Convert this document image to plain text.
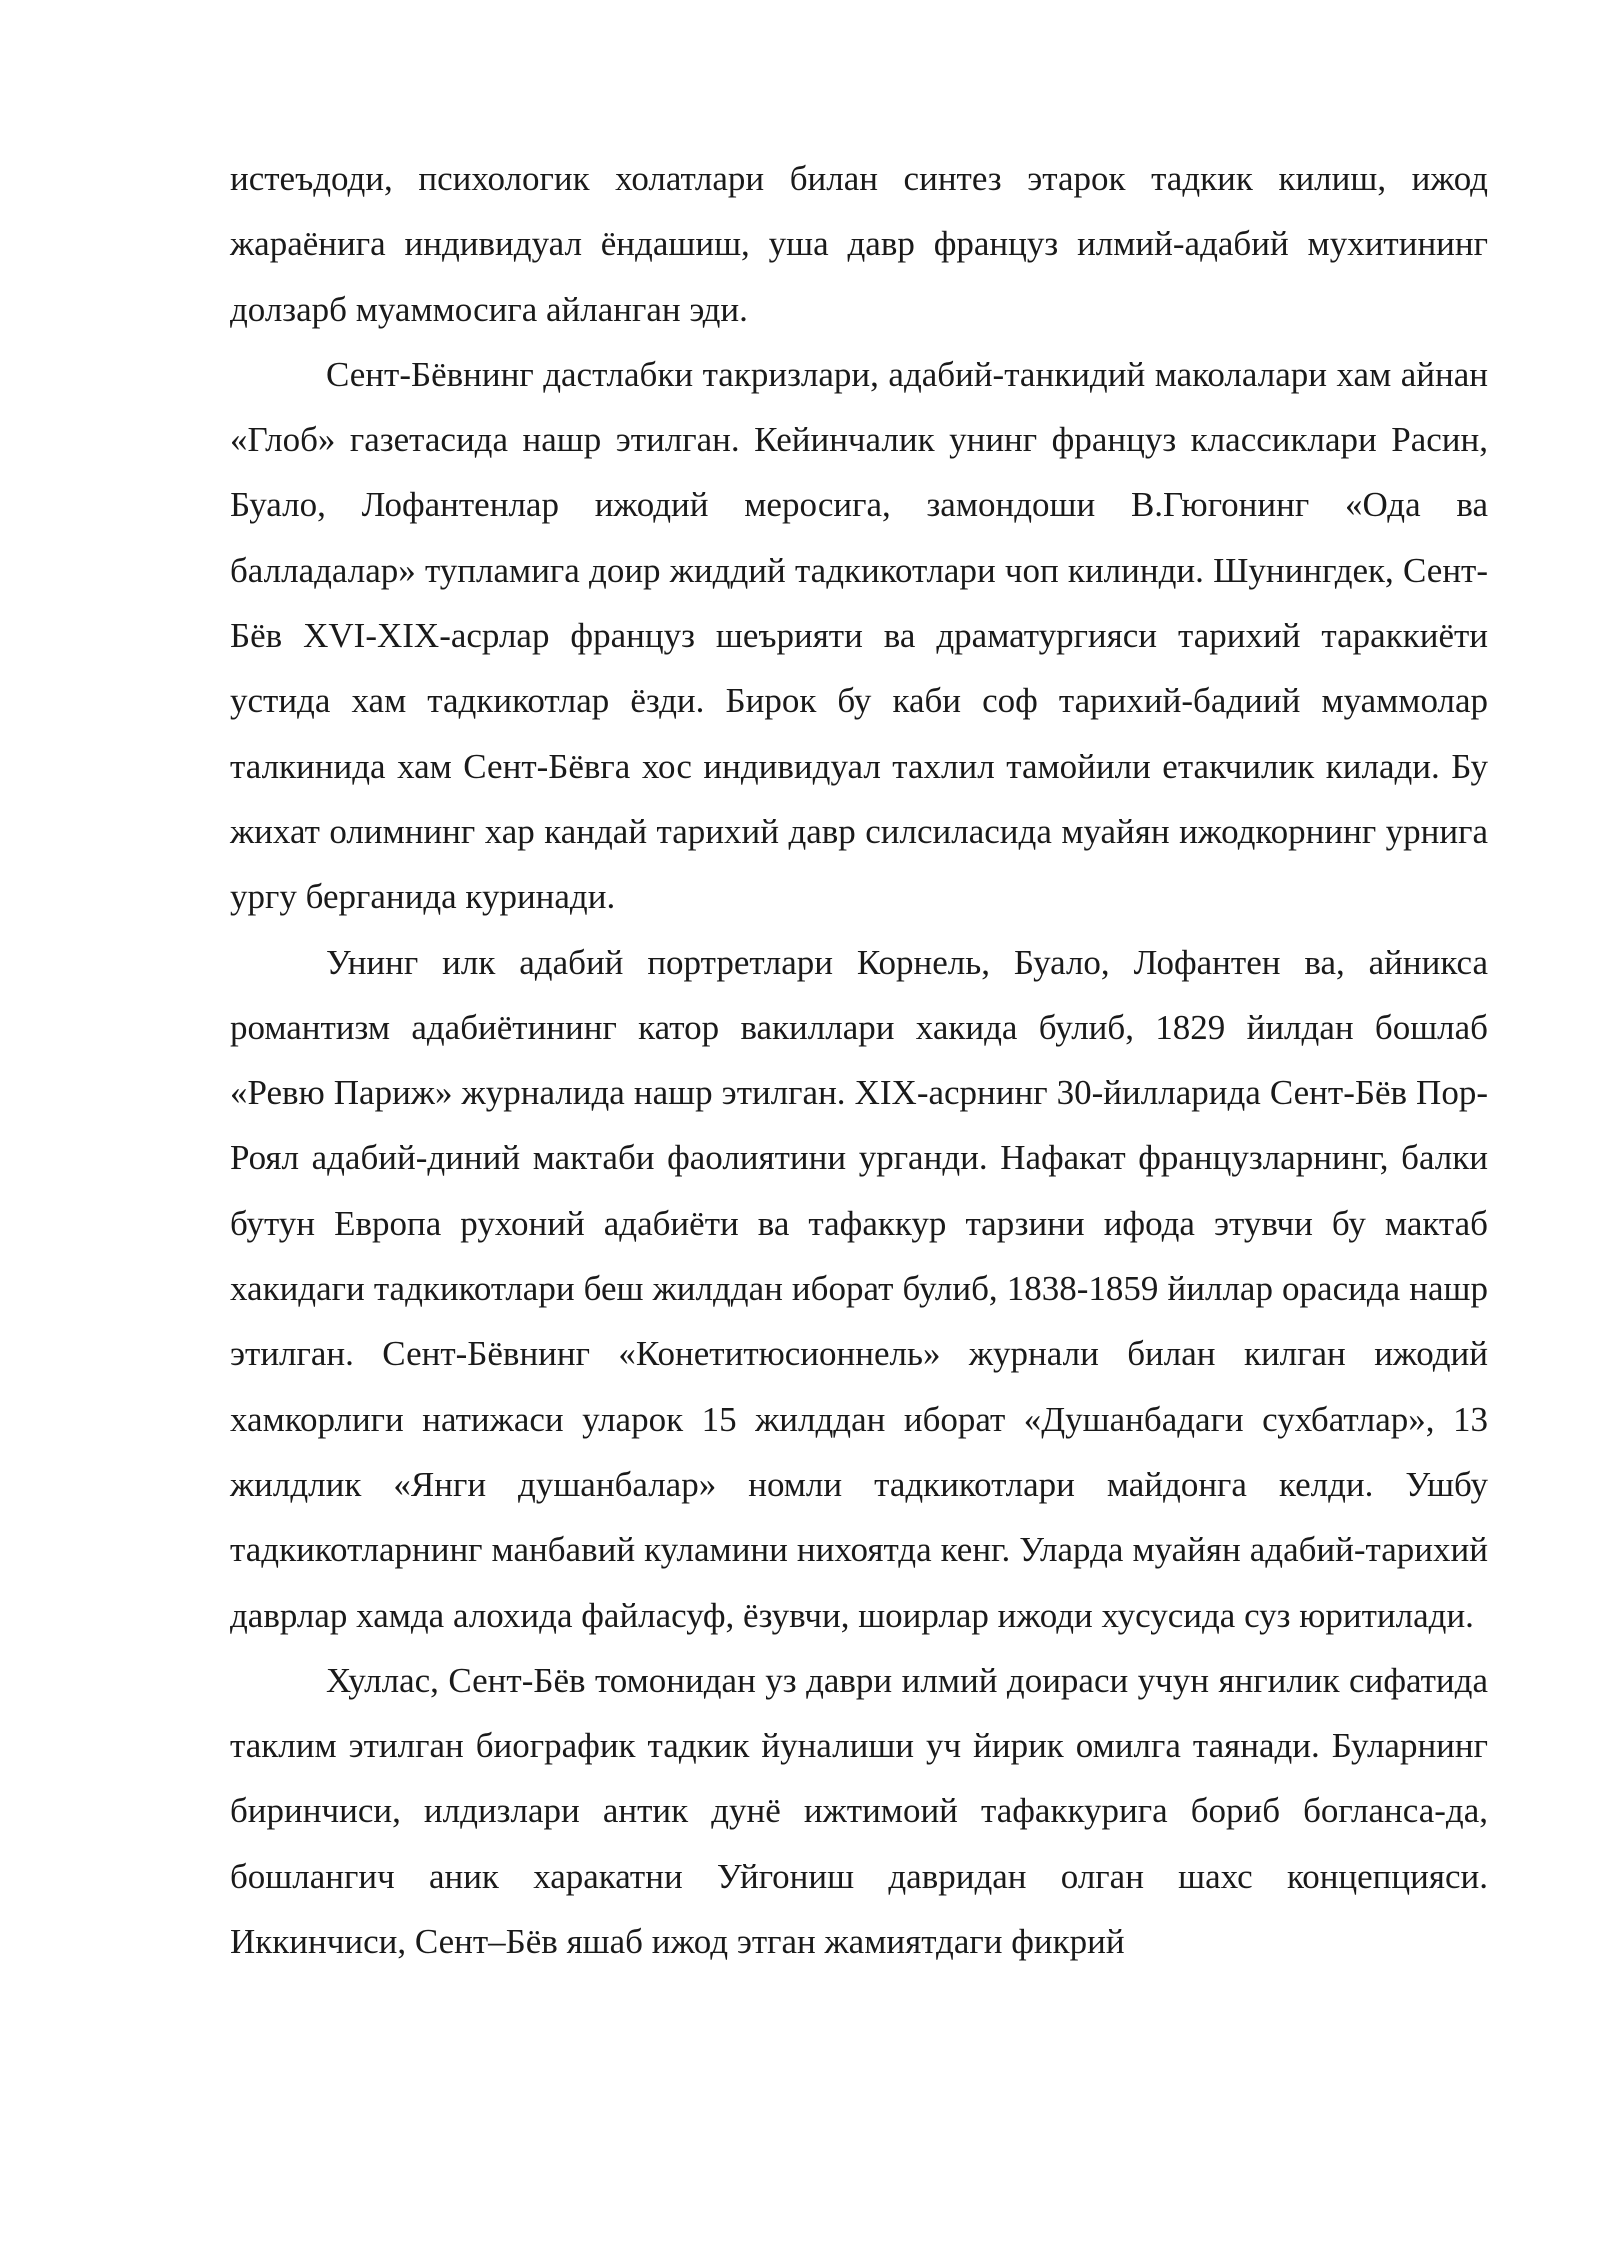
истеъдоди, психологик холатлари билан синтез этарок тадкик килиш, ижод жараёнига индивидуал ёндашиш, уша давр француз илмий-адабий мухитининг долзарб муаммосига айланган эди.

Сент-Бёвнинг дастлабки такризлари, адабий-танкидий маколалари хам айнан «Глоб» газетасида нашр этилган. Кейинчалик унинг француз классиклари Расин, Буало, Лофантенлар ижодий меросига, замондоши В.Гюгонинг «Ода ва балладалар» тупламига доир жиддий тадкикотлари чоп килинди. Шунингдек, Сент-Бёв XVI-XIX-асрлар француз шеърияти ва драматургияси тарихий тараккиёти устида хам тадкикотлар ёзди. Бирок бу каби соф тарихий-бадиий муаммолар талкинида хам Сент-Бёвга хос индивидуал тахлил тамойили етакчилик килади. Бу жихат олимнинг хар кандай тарихий давр силсиласида муайян ижодкорнинг урнига ургу берганида куринади.

Унинг илк адабий портретлари Корнель, Буало, Лофантен ва, айникса романтизм адабиётининг катор вакиллари хакида булиб, 1829 йилдан бошлаб «Ревю Париж» журналида нашр этилган. XIX-асрнинг 30-йилларида Сент-Бёв Пор-Роял адабий-диний мактаби фаолиятини урганди. Нафакат французларнинг, балки бутун Европа рухоний адабиёти ва тафаккур тарзини ифода этувчи бу мактаб хакидаги тадкикотлари беш жилддан иборат булиб, 1838-1859 йиллар орасида нашр этилган. Сент-Бёвнинг «Конетитюсионнель» журнали билан килган ижодий хамкорлиги натижаси уларок 15 жилддан иборат «Душанбадаги сухбатлар», 13 жилдлик «Янги душанбалар» номли тадкикотлари майдонга келди. Ушбу тадкикотларнинг манбавий куламини нихоятда кенг. Уларда муайян адабий-тарихий даврлар хамда алохида файласуф, ёзувчи, шоирлар ижоди хусусида суз юритилади.

Хуллас, Сент-Бёв томонидан уз даври илмий доираси учун янгилик сифатида таклим этилган биографик тадкик йуналиши уч йирик омилга таянади. Буларнинг биринчиси, илдизлари антик дунё ижтимоий тафаккурига бориб богланса-да, бошлангич аник харакатни Уйгониш давридан олган шахс концепцияси. Иккинчиси, Сент–Бёв яшаб ижод этган жамиятдаги фикрий
